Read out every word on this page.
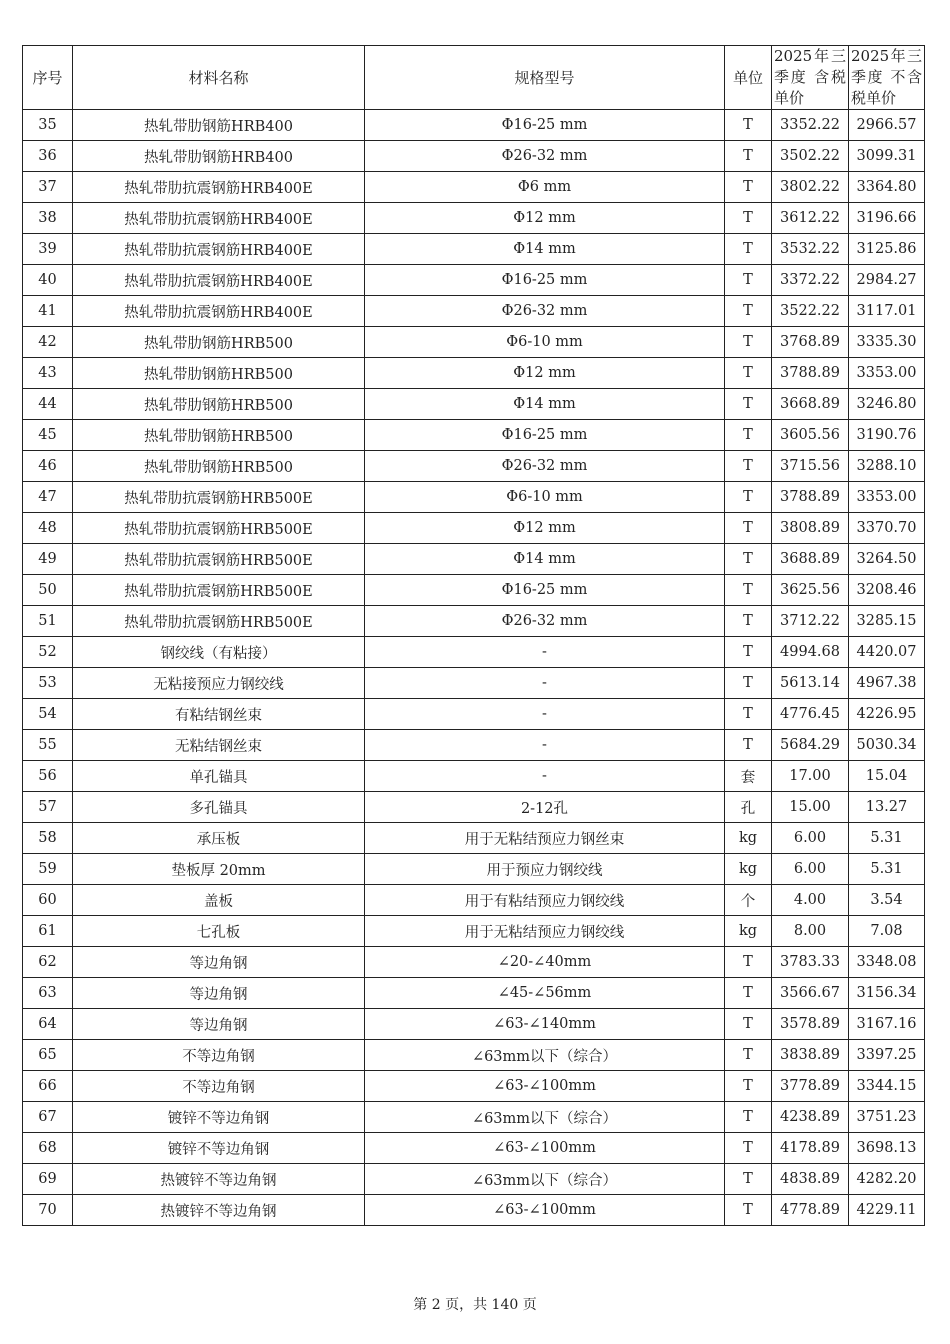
序号	材料名称	规格型号	单位	2025年三季度 含税单价	2025年三季度 不含税单价
35	热轧带肋钢筋HRB400	Φ16-25 mm	T	3352.22	2966.57
36	热轧带肋钢筋HRB400	Φ26-32 mm	T	3502.22	3099.31
37	热轧带肋抗震钢筋HRB400E	Φ6 mm	T	3802.22	3364.80
38	热轧带肋抗震钢筋HRB400E	Φ12 mm	T	3612.22	3196.66
39	热轧带肋抗震钢筋HRB400E	Φ14 mm	T	3532.22	3125.86
40	热轧带肋抗震钢筋HRB400E	Φ16-25 mm	T	3372.22	2984.27
41	热轧带肋抗震钢筋HRB400E	Φ26-32 mm	T	3522.22	3117.01
42	热轧带肋钢筋HRB500	Φ6-10 mm	T	3768.89	3335.30
43	热轧带肋钢筋HRB500	Φ12 mm	T	3788.89	3353.00
44	热轧带肋钢筋HRB500	Φ14 mm	T	3668.89	3246.80
45	热轧带肋钢筋HRB500	Φ16-25 mm	T	3605.56	3190.76
46	热轧带肋钢筋HRB500	Φ26-32 mm	T	3715.56	3288.10
47	热轧带肋抗震钢筋HRB500E	Φ6-10 mm	T	3788.89	3353.00
48	热轧带肋抗震钢筋HRB500E	Φ12 mm	T	3808.89	3370.70
49	热轧带肋抗震钢筋HRB500E	Φ14 mm	T	3688.89	3264.50
50	热轧带肋抗震钢筋HRB500E	Φ16-25 mm	T	3625.56	3208.46
51	热轧带肋抗震钢筋HRB500E	Φ26-32 mm	T	3712.22	3285.15
52	钢绞线（有粘接）	-	T	4994.68	4420.07
53	无粘接预应力钢绞线	-	T	5613.14	4967.38
54	有粘结钢丝束	-	T	4776.45	4226.95
55	无粘结钢丝束	-	T	5684.29	5030.34
56	单孔锚具	-	套	17.00	15.04
57	多孔锚具	2-12孔	孔	15.00	13.27
58	承压板	用于无粘结预应力钢丝束	kg	6.00	5.31
59	垫板厚 20mm	用于预应力钢绞线	kg	6.00	5.31
60	盖板	用于有粘结预应力钢绞线	个	4.00	3.54
61	七孔板	用于无粘结预应力钢绞线	kg	8.00	7.08
62	等边角钢	∠20-∠40mm	T	3783.33	3348.08
63	等边角钢	∠45-∠56mm	T	3566.67	3156.34
64	等边角钢	∠63-∠140mm	T	3578.89	3167.16
65	不等边角钢	∠63mm以下（综合）	T	3838.89	3397.25
66	不等边角钢	∠63-∠100mm	T	3778.89	3344.15
67	镀锌不等边角钢	∠63mm以下（综合）	T	4238.89	3751.23
68	镀锌不等边角钢	∠63-∠100mm	T	4178.89	3698.13
69	热镀锌不等边角钢	∠63mm以下（综合）	T	4838.89	4282.20
70	热镀锌不等边角钢	∠63-∠100mm	T	4778.89	4229.11
第 2 页，共 140 页
